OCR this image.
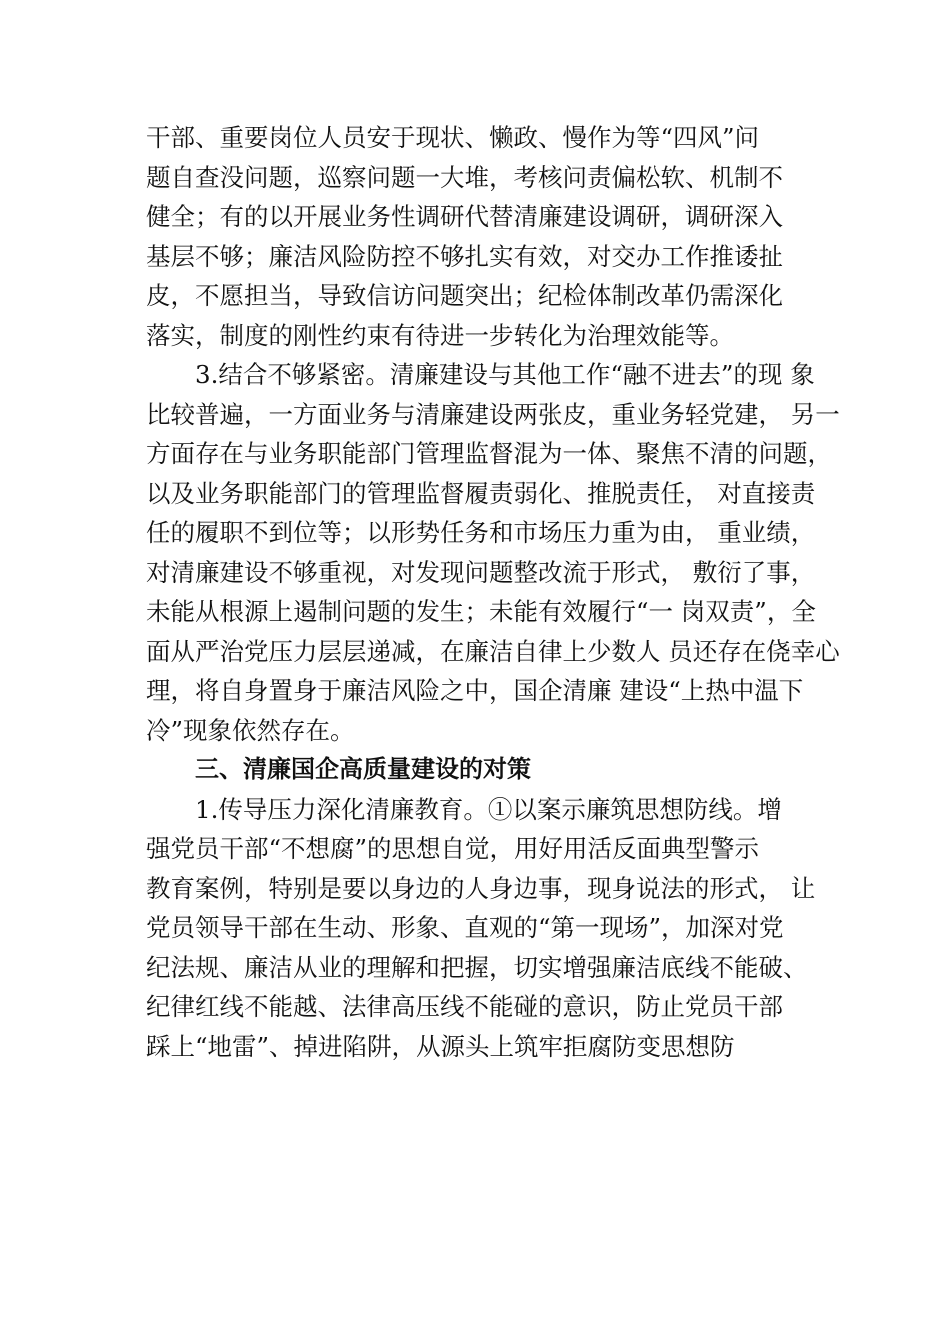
干部、重要岗位人员安于现状、懒政、慢作为等“四风”问
题自查没问题，巡察问题一大堆，考核问责偏松软、机制不
健全；有的以开展业务性调研代替清廉建设调研，调研深入
基层不够；廉洁风险防控不够扎实有效，对交办工作推诿扯
皮，不愿担当，导致信访问题突出；纪检体制改革仍需深化
落实，制度的刚性约束有待进一步转化为治理效能等。
3.结合不够紧密。清廉建设与其他工作“融不进去”的现 象
比较普遍，一方面业务与清廉建设两张皮，重业务轻党建， 另一
方面存在与业务职能部门管理监督混为一体、聚焦不清的问题，
以及业务职能部门的管理监督履责弱化、推脱责任， 对直接责
任的履职不到位等；以形势任务和市场压力重为由， 重业绩，
对清廉建设不够重视，对发现问题整改流于形式， 敷衍了事，
未能从根源上遏制问题的发生；未能有效履行“一 岗双责”，全
面从严治党压力层层递减，在廉洁自律上少数人 员还存在侥幸心
理，将自身置身于廉洁风险之中，国企清廉 建设“上热中温下
冷”现象依然存在。
三、清廉国企高质量建设的对策
1.传导压力深化清廉教育。①以案示廉筑思想防线。增
强党员干部“不想腐”的思想自觉，用好用活反面典型警示
教育案例，特别是要以身边的人身边事，现身说法的形式， 让
党员领导干部在生动、形象、直观的“第一现场”，加深对党
纪法规、廉洁从业的理解和把握，切实增强廉洁底线不能破、
纪律红线不能越、法律高压线不能碰的意识，防止党员干部
踩上“地雷”、掉进陷阱，从源头上筑牢拒腐防变思想防
